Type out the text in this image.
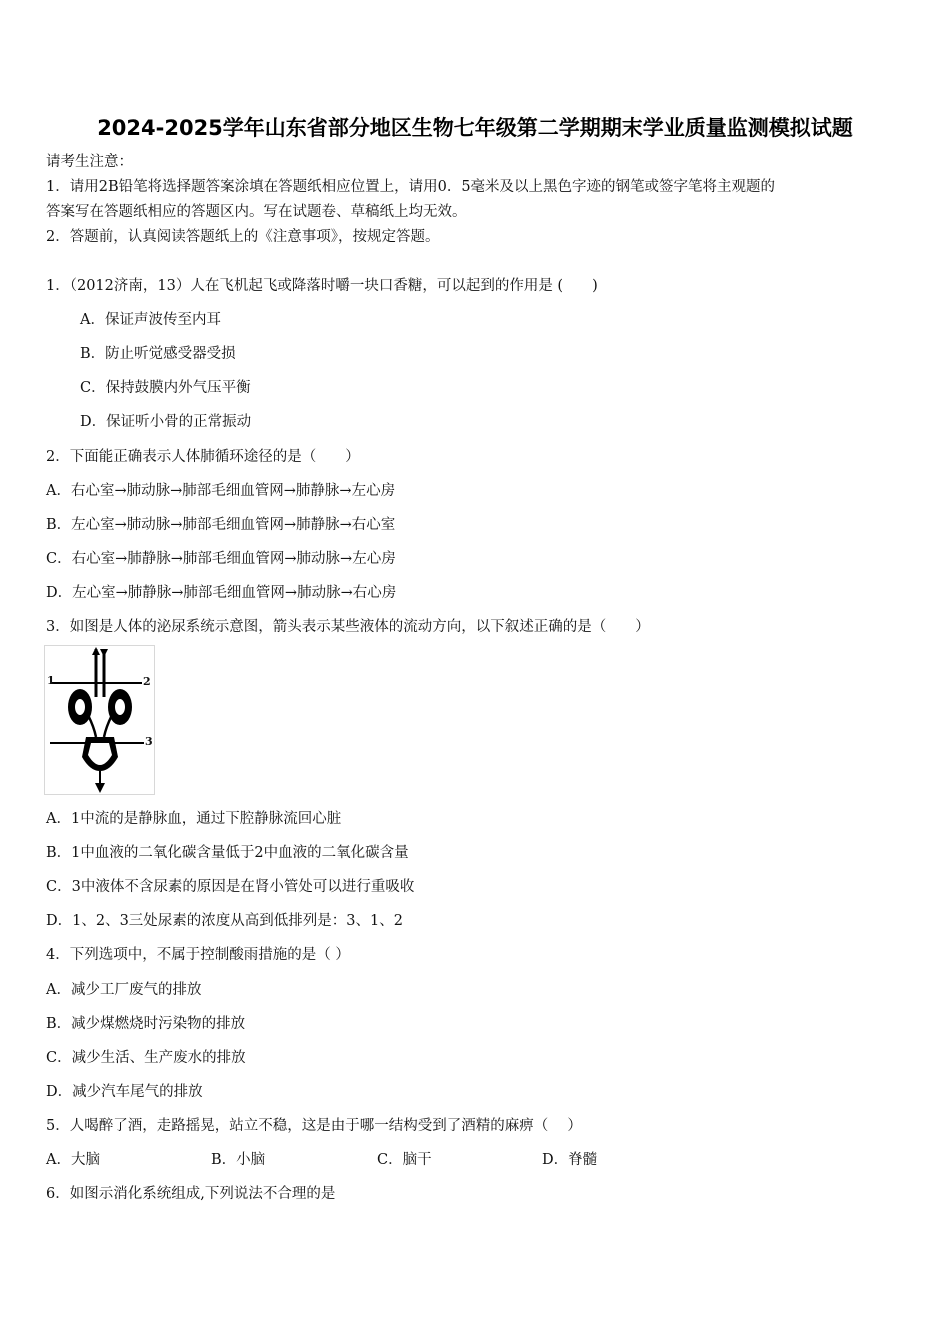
2024-2025学年山东省部分地区生物七年级第二学期期末学业质量监测模拟试题
请考生注意：
1．请用2B铅笔将选择题答案涂填在答题纸相应位置上，请用0．5毫米及以上黑色字迹的钢笔或签字笔将主观题的
答案写在答题纸相应的答题区内。写在试题卷、草稿纸上均无效。
2．答题前，认真阅读答题纸上的《注意事项》，按规定答题。
1．（2012济南，13）人在飞机起飞或降落时嚼一块口香糖，可以起到的作用是 (　　)
A．保证声波传至内耳
B．防止听觉感受器受损
C．保持鼓膜内外气压平衡
D．保证听小骨的正常振动
2．下面能正确表示人体肺循环途径的是（　　）
A．右心室→肺动脉→肺部毛细血管网→肺静脉→左心房
B．左心室→肺动脉→肺部毛细血管网→肺静脉→右心室
C．右心室→肺静脉→肺部毛细血管网→肺动脉→左心房
D．左心室→肺静脉→肺部毛细血管网→肺动脉→右心房
3．如图是人体的泌尿系统示意图，箭头表示某些液体的流动方向，以下叙述正确的是（　　）
1	2
3
A．1中流的是静脉血，通过下腔静脉流回心脏
B．1中血液的二氧化碳含量低于2中血液的二氧化碳含量
C．3中液体不含尿素的原因是在肾小管处可以进行重吸收
D．1、2、3三处尿素的浓度从高到低排列是：3、1、2
4．下列选项中，不属于控制酸雨措施的是（ ）
A．减少工厂废气的排放
B．减少煤燃烧时污染物的排放
C．减少生活、生产废水的排放
D．减少汽车尾气的排放
5．人喝醉了酒，走路摇晃，站立不稳，这是由于哪一结构受到了酒精的麻痹（　 ）
A．大脑	B．小脑	C．脑干	D．脊髓
6．如图示消化系统组成,下列说法不合理的是
